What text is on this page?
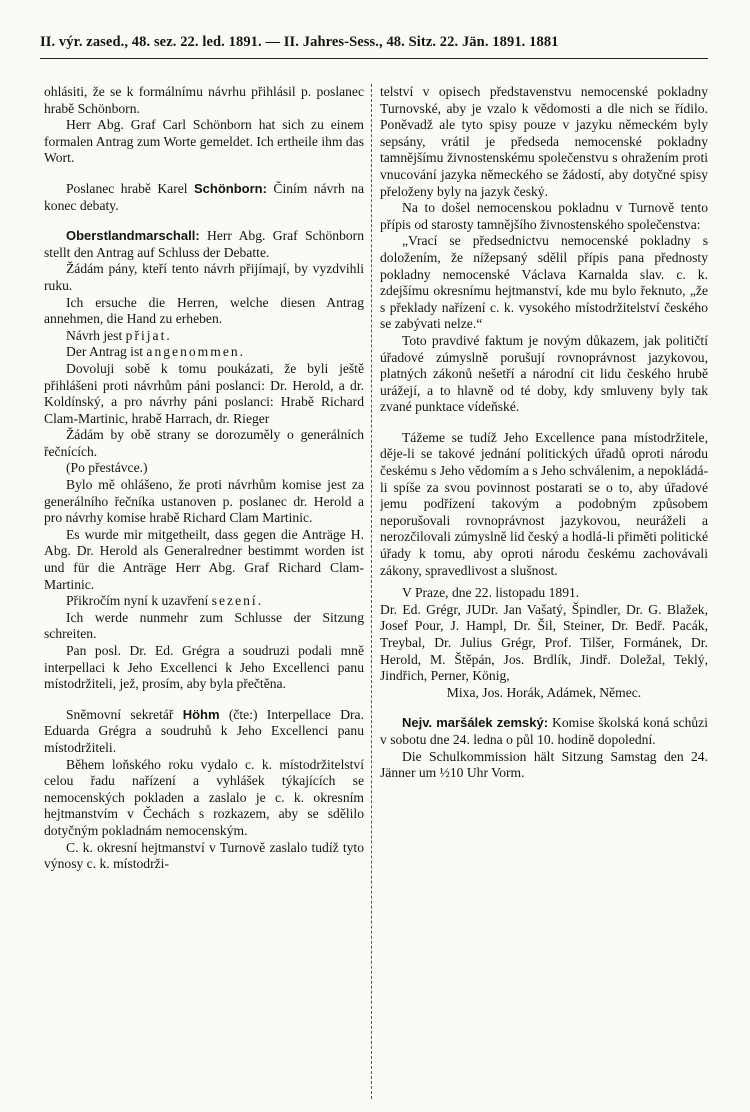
II. výr. zased., 48. sez. 22. led. 1891. — II. Jahres-Sess., 48. Sitz. 22. Jän. 1891. 1881

ohlásiti, že se k formálnímu návrhu přihlásil p. poslanec hrabě Schönborn.

Herr Abg. Graf Carl Schönborn hat sich zu einem formalen Antrag zum Worte gemeldet. Ich ertheile ihm das Wort.

Poslanec hrabě Karel Schönborn: Činím návrh na konec debaty.

Oberstlandmarschall: Herr Abg. Graf Schönborn stellt den Antrag auf Schluss der Debatte.

Žádám pány, kteří tento návrh přijímají, by vyzdvihli ruku.

Ich ersuche die Herren, welche diesen Antrag annehmen, die Hand zu erheben.

Návrh jest přijat.

Der Antrag ist angenommen.

Dovoluji sobě k tomu poukázati, že byli ještě přihlášeni proti návrhům páni poslanci: Dr. Herold, a dr. Koldínský, a pro návrhy páni poslanci: Hrabě Richard Clam-Martinic, hrabě Harrach, dr. Rieger

Žádám by obě strany se dorozuměly o generálních řečnících.

(Po přestávce.)

Bylo mě ohlášeno, že proti návrhům komise jest za generálního řečníka ustanoven p. poslanec dr. Herold a pro návrhy komise hrabě Richard Clam Martinic.

Es wurde mir mitgetheilt, dass gegen die Anträge H. Abg. Dr. Herold als Generalredner bestimmt worden ist und für die Anträge Herr Abg. Graf Richard Clam-Martinic.

Přikročím nyní k uzavření sezení.

Ich werde nunmehr zum Schlusse der Sitzung schreiten.

Pan posl. Dr. Ed. Grégra a soudruzi podali mně interpellaci k Jeho Excellenci k Jeho Excellenci panu místodržiteli, jež, prosím, aby byla přečtěna.

Sněmovní sekretář Höhm (čte:) Interpellace Dra. Eduarda Grégra a soudruhů k Jeho Excellenci panu místodržiteli.

Během loňského roku vydalo c. k. místodržitelství celou řadu nařízení a vyhlášek týkajících se nemocenských pokladen a zaslalo je c. k. okresním hejtmanstvím v Čechách s rozkazem, aby se sdělilo dotyčným pokladnám nemocenským.

C. k. okresní hejtmanství v Turnově zaslalo tudíž tyto výnosy c. k. místodrži-

telství v opisech představenstvu nemocenské pokladny Turnovské, aby je vzalo k vědomosti a dle nich se řídilo. Poněvadž ale tyto spisy pouze v jazyku německém byly sepsány, vrátil je předseda nemocenské pokladny tamnějšímu živnostenskému společenstvu s ohražením proti vnucování jazyka německého se žádostí, aby dotyčné spisy přeloženy byly na jazyk český.

Na to došel nemocenskou pokladnu v Turnově tento přípis od starosty tamnějšího živnostenského společenstva:

„Vrací se předsednictvu nemocenské pokladny s doložením, že nížepsaný sdělil přípis pana přednosty pokladny nemocenské Václava Karnalda slav. c. k. zdejšímu okresnímu hejtmanství, kde mu bylo řeknuto, „že s překlady nařízení c. k. vysokého místodržitelství českého se zabývati nelze.“

Toto pravdivé faktum je novým důkazem, jak političtí úřadové zúmyslně porušují rovnoprávnost jazykovou, platných zákonů nešetří a národní cit lidu českého hrubě urážejí, a to hlavně od té doby, kdy smluveny byly tak zvané punktace vídeňské.

Tážeme se tudíž Jeho Excellence pana místodržitele, děje-li se takové jednání politických úřadů oproti národu českému s Jeho vědomím a s Jeho schválenim, a nepokládá-li spíše za svou povinnost postarati se o to, aby úřadové jemu podřízení takovým a podobným způsobem neporušovali rovnoprávnost jazykovou, neuráželi a nerozčilovali zúmyslně lid český a hodlá-li přiměti politické úřady k tomu, aby oproti národu českému zachovávali zákony, spravedlivost a slušnost.

V Praze, dne 22. listopadu 1891.

Dr. Ed. Grégr, JUDr. Jan Vašatý, Špindler, Dr. G. Blažek, Josef Pour, J. Hampl, Dr. Šil, Steiner, Dr. Bedř. Pacák, Treybal, Dr. Julius Grégr, Prof. Tilšer, Formánek, Dr. Herold, M. Štěpán, Jos. Brdlík, Jindř. Doležal, Teklý, Jindřich, Perner, König,

Mixa, Jos. Horák, Adámek, Němec.

Nejv. maršálek zemský: Komise školská koná schůzi v sobotu dne 24. ledna o půl 10. hodině dopolední.

Die Schulkommission hält Sitzung Samstag den 24. Jänner um ½10 Uhr Vorm.
